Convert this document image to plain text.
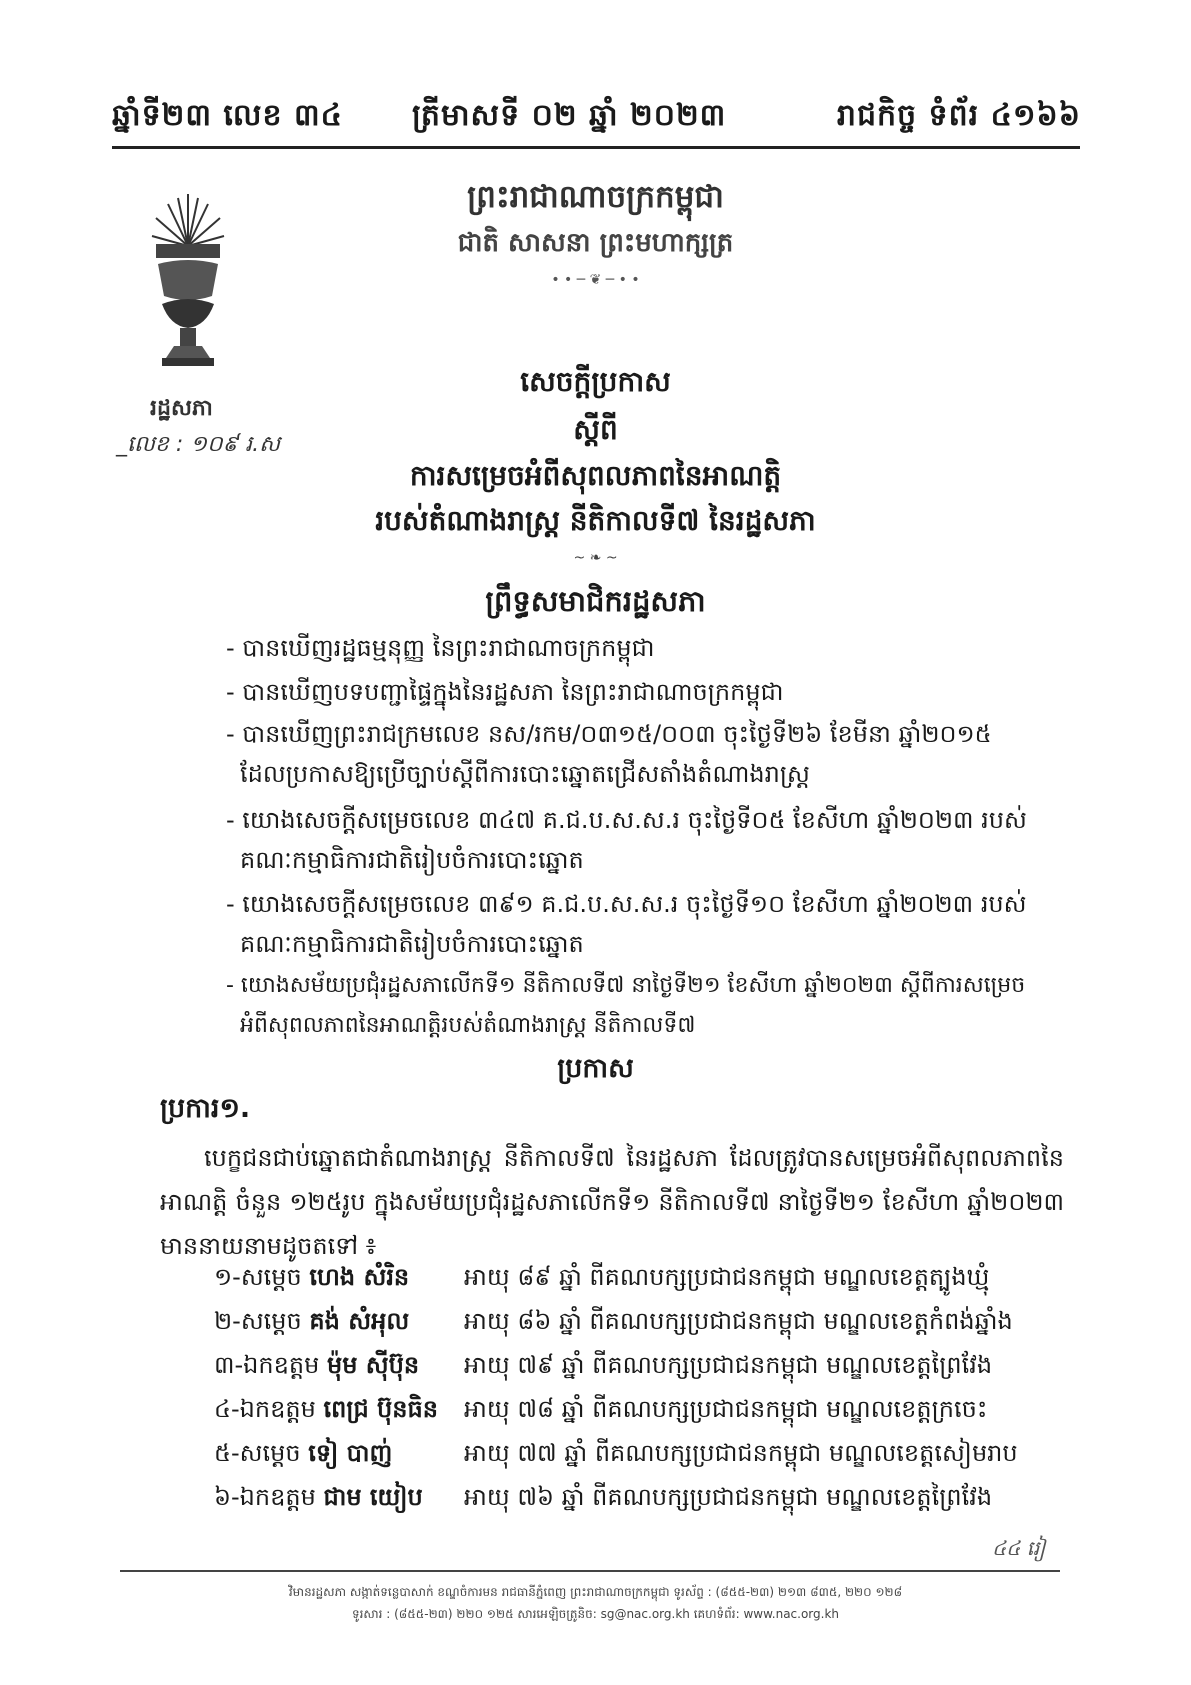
ឆ្នាំទី២៣ លេខ ៣៤ ត្រីមាសទី ០២ ឆ្នាំ ២០២៣	រាជកិច្ច ទំព័រ ៤១៦៦
រដ្ឋសភា
_លេខ : ១០៩ រ.ស
ព្រះរាជាណាចក្រកម្ពុជា
ជាតិ សាសនា ព្រះមហាក្សត្រ
• • ─ ❦ ─ • •
សេចក្តីប្រកាស
ស្តីពី
ការសម្រេចអំពីសុពលភាពនៃអាណត្តិ
របស់តំណាងរាស្ត្រ នីតិកាលទី៧ នៃរដ្ឋសភា
~ ❧ ~
ព្រឹទ្ធសមាជិករដ្ឋសភា

- បានឃើញរដ្ឋធម្មនុញ្ញ នៃព្រះរាជាណាចក្រកម្ពុជា

- បានឃើញបទបញ្ជាផ្ទៃក្នុងនៃរដ្ឋសភា នៃព្រះរាជាណាចក្រកម្ពុជា

- បានឃើញព្រះរាជក្រមលេខ នស/រកម/០៣១៥/០០៣ ចុះថ្ងៃទី២៦ ខែមីនា ឆ្នាំ២០១៥

ដែលប្រកាសឱ្យប្រើច្បាប់ស្តីពីការបោះឆ្នោតជ្រើសតាំងតំណាងរាស្ត្រ

- យោងសេចក្តីសម្រេចលេខ ៣៤៧ គ.ជ.ប.ស.ស.រ ចុះថ្ងៃទី០៥ ខែសីហា ឆ្នាំ២០២៣ របស់

គណៈកម្មាធិការជាតិរៀបចំការបោះឆ្នោត

- យោងសេចក្តីសម្រេចលេខ ៣៩១ គ.ជ.ប.ស.ស.រ ចុះថ្ងៃទី១០ ខែសីហា ឆ្នាំ២០២៣ របស់

គណៈកម្មាធិការជាតិរៀបចំការបោះឆ្នោត

- យោងសម័យប្រជុំរដ្ឋសភាលើកទី១ នីតិកាលទី៧ នាថ្ងៃទី២១ ខែសីហា ឆ្នាំ២០២៣ ស្តីពីការសម្រេច

អំពីសុពលភាពនៃអាណត្តិរបស់តំណាងរាស្ត្រ នីតិកាលទី៧

ប្រកាស
ប្រការ១.
បេក្ខជនជាប់ឆ្នោតជាតំណាងរាស្ត្រ នីតិកាលទី៧ នៃរដ្ឋសភា ដែលត្រូវបានសម្រេចអំពីសុពលភាពនៃអាណត្តិ ចំនួន ១២៥រូប ក្នុងសម័យប្រជុំរដ្ឋសភាលើកទី១ នីតិកាលទី៧ នាថ្ងៃទី២១ ខែសីហា ឆ្នាំ២០២៣ មាននាយនាមដូចតទៅ ៖
១-សម្តេច ហេង សំរិន អាយុ ៨៩ ឆ្នាំ ពីគណបក្សប្រជាជនកម្ពុជា មណ្ឌលខេត្តត្បូងឃ្មុំ
២-សម្តេច គង់ សំអុល អាយុ ៨៦ ឆ្នាំ ពីគណបក្សប្រជាជនកម្ពុជា មណ្ឌលខេត្តកំពង់ឆ្នាំង
៣-ឯកឧត្តម ម៉ុម ស៊ីប៊ុន អាយុ ៧៩ ឆ្នាំ ពីគណបក្សប្រជាជនកម្ពុជា មណ្ឌលខេត្តព្រៃវែង
៤-ឯកឧត្តម ពេជ្រ ប៊ុនធិន អាយុ ៧៨ ឆ្នាំ ពីគណបក្សប្រជាជនកម្ពុជា មណ្ឌលខេត្តក្រចេះ
៥-សម្តេច ទៀ បាញ់	អាយុ ៧៧ ឆ្នាំ ពីគណបក្សប្រជាជនកម្ពុជា មណ្ឌលខេត្តសៀមរាប
៦-ឯកឧត្តម ជាម យៀប អាយុ ៧៦ ឆ្នាំ ពីគណបក្សប្រជាជនកម្ពុជា មណ្ឌលខេត្តព្រៃវែង
៤៤ រៀ
វិមានរដ្ឋសភា សង្កាត់ទន្លេបាសាក់ ខណ្ឌចំការមន រាជធានីភ្នំពេញ ព្រះរាជាណាចក្រកម្ពុជា ទូរស័ព្ទ : (៨៥៥-២៣) ២១៣ ៨៣៥, ២២០ ១២៨
ទូរសារ : (៨៥៥-២៣) ២២០ ១២៥ សារអេឡិចត្រូនិច: sg@nac.org.kh គេហទំព័រ: www.nac.org.kh
